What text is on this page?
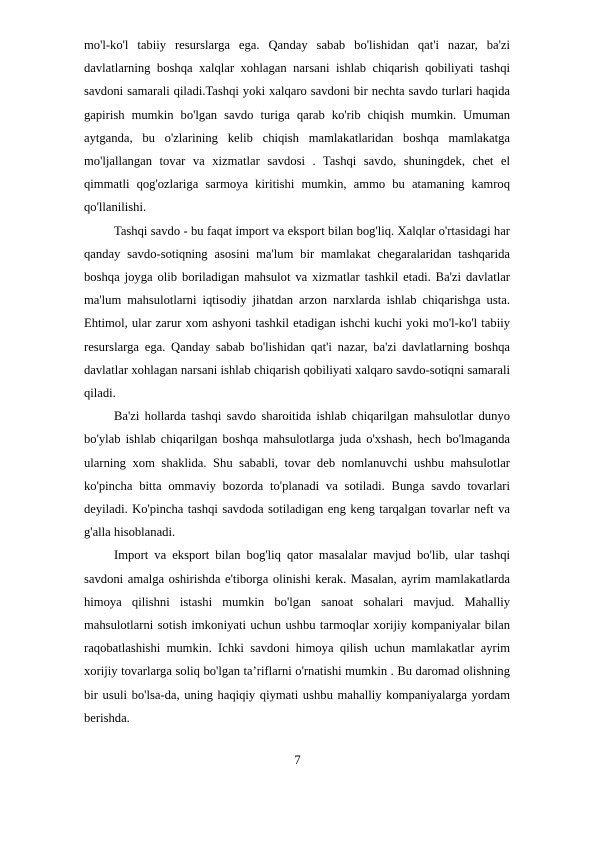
mo'l-ko'l tabiiy resurslarga ega. Qanday sabab bo'lishidan qat'i nazar, ba'zi davlatlarning boshqa xalqlar xohlagan narsani ishlab chiqarish qobiliyati tashqi savdoni samarali qiladi.Tashqi yoki xalqaro savdoni bir nechta savdo turlari haqida gapirish mumkin bo'lgan savdo turiga qarab ko'rib chiqish mumkin. Umuman aytganda, bu o'zlarining kelib chiqish mamlakatlaridan boshqa mamlakatga mo'ljallangan tovar va xizmatlar savdosi . Tashqi savdo, shuningdek, chet el qimmatli qog'ozlariga sarmoya kiritishi mumkin, ammo bu atamaning kamroq qo'llanilishi.

Tashqi savdo - bu faqat import va eksport bilan bog'liq. Xalqlar o'rtasidagi har qanday savdo-sotiqning asosini ma'lum bir mamlakat chegaralaridan tashqarida boshqa joyga olib boriladigan mahsulot va xizmatlar tashkil etadi. Ba'zi davlatlar ma'lum mahsulotlarni iqtisodiy jihatdan arzon narxlarda ishlab chiqarishga usta. Ehtimol, ular zarur xom ashyoni tashkil etadigan ishchi kuchi yoki mo'l-ko'l tabiiy resurslarga ega. Qanday sabab bo'lishidan qat'i nazar, ba'zi davlatlarning boshqa davlatlar xohlagan narsani ishlab chiqarish qobiliyati xalqaro savdo-sotiqni samarali qiladi.

Ba'zi hollarda tashqi savdo sharoitida ishlab chiqarilgan mahsulotlar dunyo bo'ylab ishlab chiqarilgan boshqa mahsulotlarga juda o'xshash, hech bo'lmaganda ularning xom shaklida. Shu sababli, tovar deb nomlanuvchi ushbu mahsulotlar ko'pincha bitta ommaviy bozorda to'planadi va sotiladi. Bunga savdo tovarlari deyiladi. Ko'pincha tashqi savdoda sotiladigan eng keng tarqalgan tovarlar neft va g'alla hisoblanadi.

Import va eksport bilan bog'liq qator masalalar mavjud bo'lib, ular tashqi savdoni amalga oshirishda e'tiborga olinishi kerak. Masalan, ayrim mamlakatlarda himoya qilishni istashi mumkin bo'lgan sanoat sohalari mavjud. Mahalliy mahsulotlarni sotish imkoniyati uchun ushbu tarmoqlar xorijiy kompaniyalar bilan raqobatlashishi mumkin. Ichki savdoni himoya qilish uchun mamlakatlar ayrim xorijiy tovarlarga soliq bo'lgan ta’riflarni o'rnatishi mumkin . Bu daromad olishning bir usuli bo'lsa-da, uning haqiqiy qiymati ushbu mahalliy kompaniyalarga yordam berishda.

7
